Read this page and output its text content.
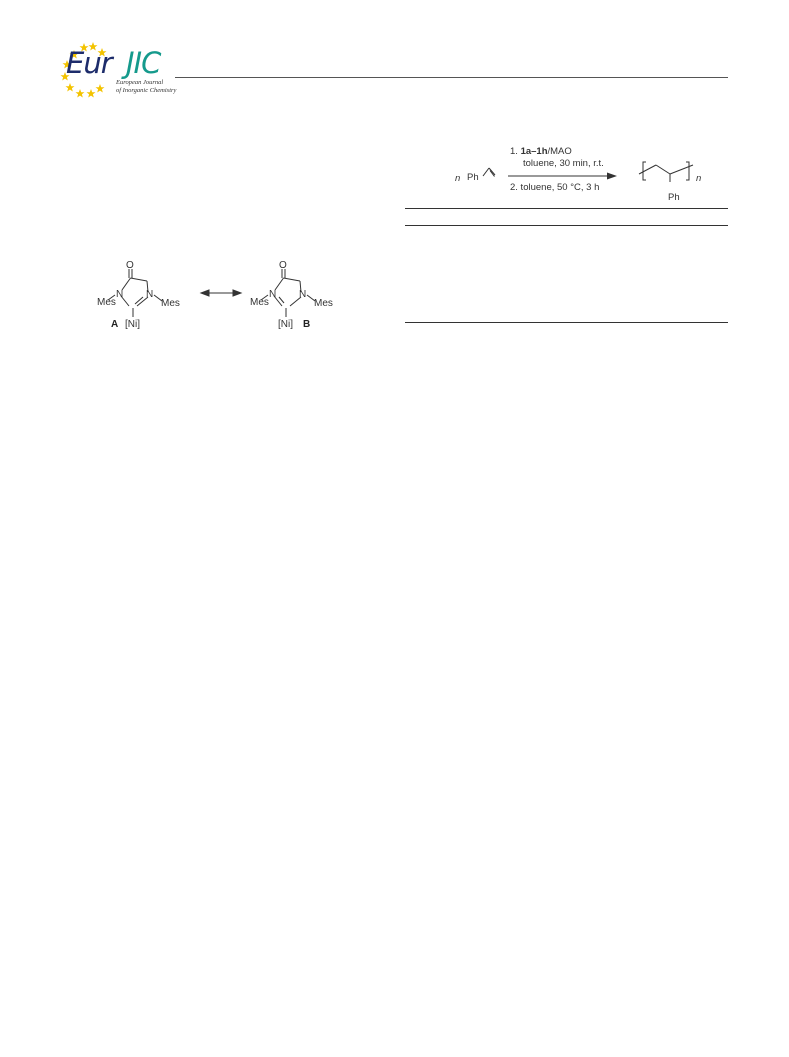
Eur JIC
European Journal
of Inorganic Chemistry
O
N N
Mes	Mes
[Ni]
A
O
N N
Mes	Mes
[Ni] B
n Ph
1. 1a–1h/MAO
toluene, 30 min, r.t.
2. toluene, 50 °C, 3 h
n
Ph
